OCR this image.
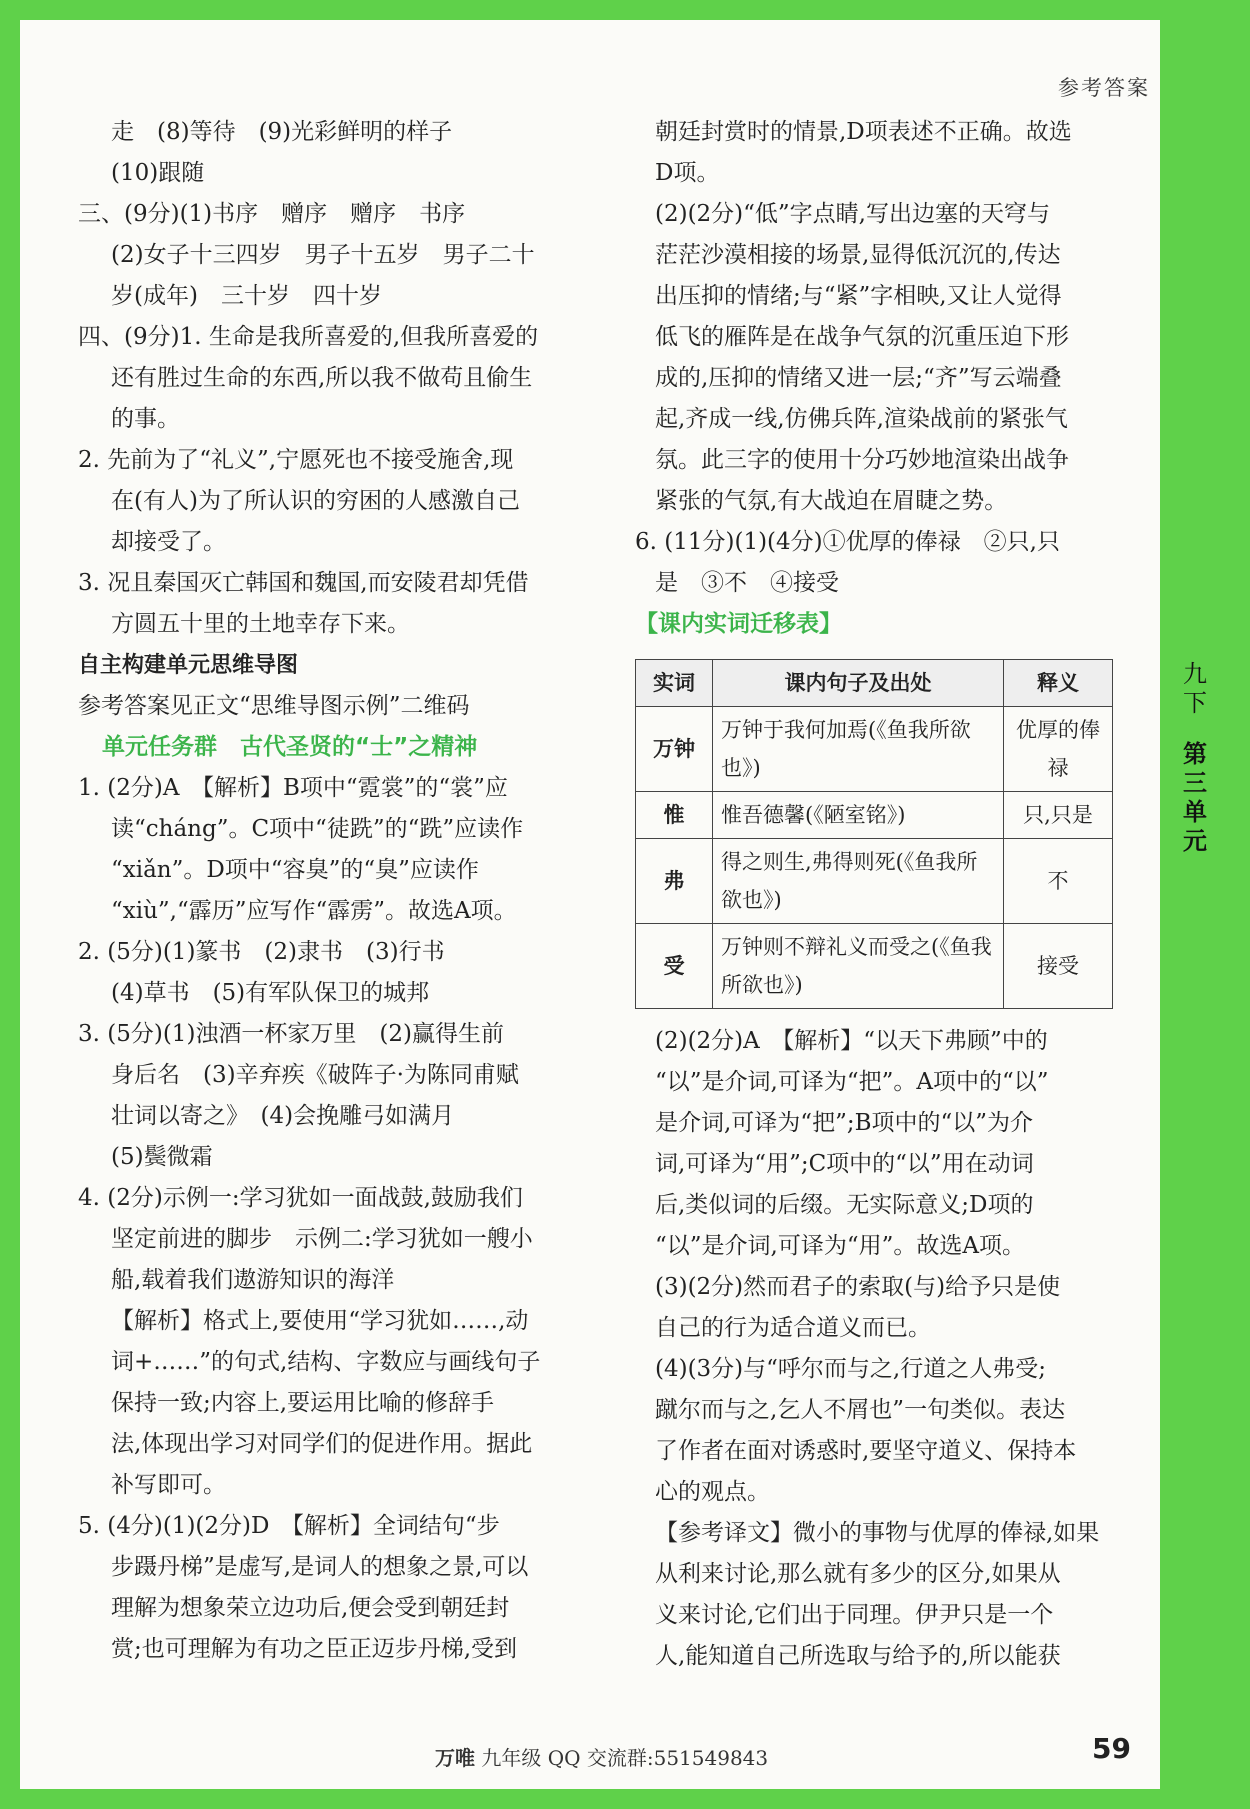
参考答案
九下
第三单元

走　(8)等待　(9)光彩鲜明的样子

(10)跟随

三、(9分)(1)书序　赠序　赠序　书序

(2)女子十三四岁　男子十五岁　男子二十

岁(成年)　三十岁　四十岁

四、(9分)1. 生命是我所喜爱的,但我所喜爱的

还有胜过生命的东西,所以我不做苟且偷生

的事。

2. 先前为了“礼义”,宁愿死也不接受施舍,现

在(有人)为了所认识的穷困的人感激自己

却接受了。

3. 况且秦国灭亡韩国和魏国,而安陵君却凭借

方圆五十里的土地幸存下来。

自主构建单元思维导图

参考答案见正文“思维导图示例”二维码

单元任务群　古代圣贤的“士”之精神

1. (2分)A　【解析】B项中“霓裳”的“裳”应

读“cháng”。C项中“徒跣”的“跣”应读作

“xiǎn”。D项中“容臭”的“臭”应读作

“xiù”,“霹历”应写作“霹雳”。故选A项。

2. (5分)(1)篆书　(2)隶书　(3)行书

(4)草书　(5)有军队保卫的城邦

3. (5分)(1)浊酒一杯家万里　(2)赢得生前

身后名　(3)辛弃疾《破阵子·为陈同甫赋

壮词以寄之》　(4)会挽雕弓如满月

(5)鬓微霜

4. (2分)示例一:学习犹如一面战鼓,鼓励我们

坚定前进的脚步　示例二:学习犹如一艘小

船,载着我们遨游知识的海洋

【解析】格式上,要使用“学习犹如……,动

词+……”的句式,结构、字数应与画线句子

保持一致;内容上,要运用比喻的修辞手

法,体现出学习对同学们的促进作用。据此

补写即可。

5. (4分)(1)(2分)D　【解析】全词结句“步

步蹑丹梯”是虚写,是词人的想象之景,可以

理解为想象荣立边功后,便会受到朝廷封

赏;也可理解为有功之臣正迈步丹梯,受到

朝廷封赏时的情景,D项表述不正确。故选

D项。

(2)(2分)“低”字点睛,写出边塞的天穹与

茫茫沙漠相接的场景,显得低沉沉的,传达

出压抑的情绪;与“紧”字相映,又让人觉得

低飞的雁阵是在战争气氛的沉重压迫下形

成的,压抑的情绪又进一层;“齐”写云端叠

起,齐成一线,仿佛兵阵,渲染战前的紧张气

氛。此三字的使用十分巧妙地渲染出战争

紧张的气氛,有大战迫在眉睫之势。

6. (11分)(1)(4分)①优厚的俸禄　②只,只

是　③不　④接受

【课内实词迁移表】

实词	课内句子及出处	释义
万钟	万钟于我何加焉(《鱼我所欲也》)	优厚的俸禄
惟	惟吾德馨(《陋室铭》)	只,只是
弗	得之则生,弗得则死(《鱼我所欲也》)	不
受	万钟则不辩礼义而受之(《鱼我所欲也》)	接受

(2)(2分)A　【解析】“以天下弗顾”中的

“以”是介词,可译为“把”。A项中的“以”

是介词,可译为“把”;B项中的“以”为介

词,可译为“用”;C项中的“以”用在动词

后,类似词的后缀。无实际意义;D项的

“以”是介词,可译为“用”。故选A项。

(3)(2分)然而君子的索取(与)给予只是使

自己的行为适合道义而已。

(4)(3分)与“呼尔而与之,行道之人弗受;

蹴尔而与之,乞人不屑也”一句类似。表达

了作者在面对诱惑时,要坚守道义、保持本

心的观点。

【参考译文】微小的事物与优厚的俸禄,如果

从利来讨论,那么就有多少的区分,如果从

义来讨论,它们出于同理。伊尹只是一个

人,能知道自己所选取与给予的,所以能获

万唯 九年级 QQ 交流群:551549843	59
